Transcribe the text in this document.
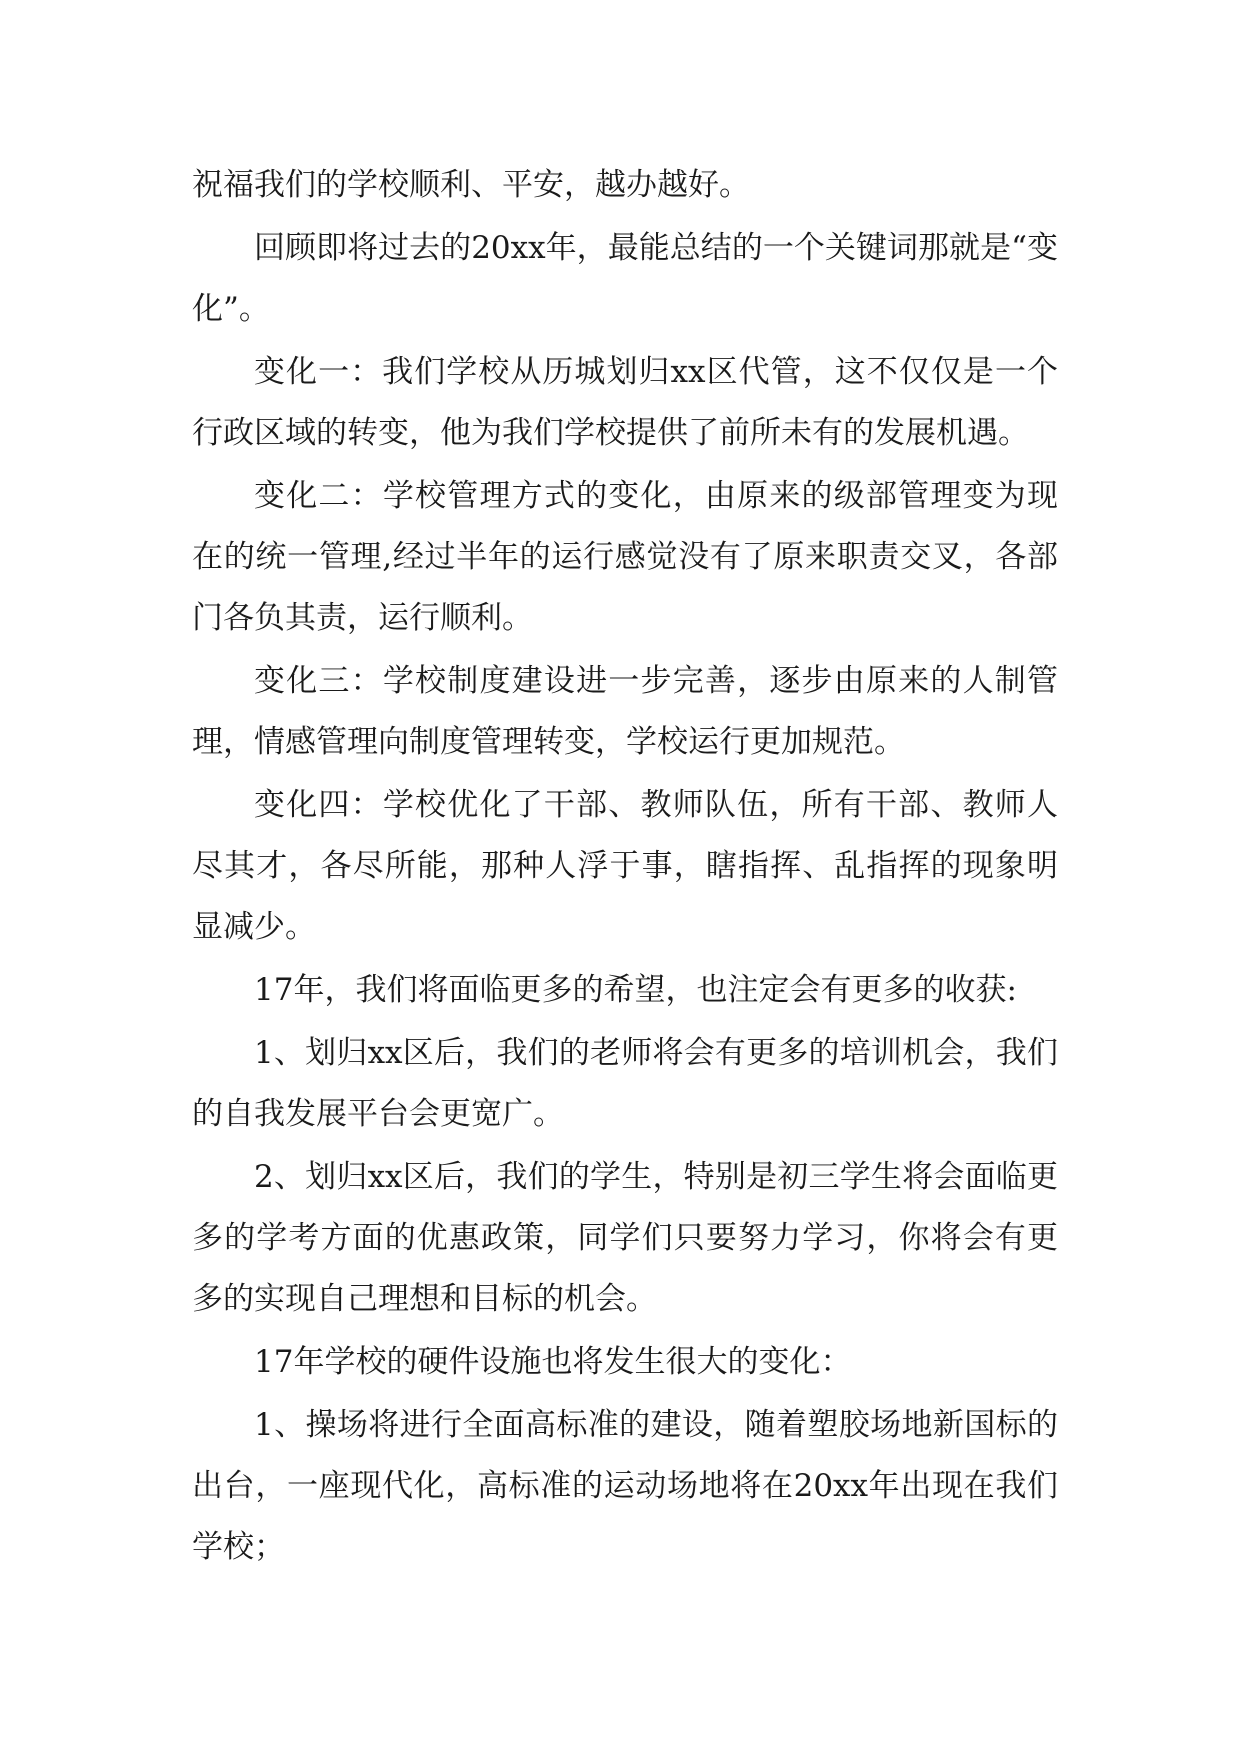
祝福我们的学校顺利、平安，越办越好。

回顾即将过去的20xx年，最能总结的一个关键词那就是“变化”。

变化一：我们学校从历城划归xx区代管，这不仅仅是一个行政区域的转变，他为我们学校提供了前所未有的发展机遇。

变化二：学校管理方式的变化，由原来的级部管理变为现在的统一管理,经过半年的运行感觉没有了原来职责交叉，各部门各负其责，运行顺利。

变化三：学校制度建设进一步完善，逐步由原来的人制管理，情感管理向制度管理转变，学校运行更加规范。

变化四：学校优化了干部、教师队伍，所有干部、教师人尽其才，各尽所能，那种人浮于事，瞎指挥、乱指挥的现象明显减少。

17年，我们将面临更多的希望，也注定会有更多的收获:

1、划归xx区后，我们的老师将会有更多的培训机会，我们的自我发展平台会更宽广。

2、划归xx区后，我们的学生，特别是初三学生将会面临更多的学考方面的优惠政策，同学们只要努力学习，你将会有更多的实现自己理想和目标的机会。

17年学校的硬件设施也将发生很大的变化：

1、操场将进行全面高标准的建设，随着塑胶场地新国标的出台，一座现代化，高标准的运动场地将在20xx年出现在我们学校；
